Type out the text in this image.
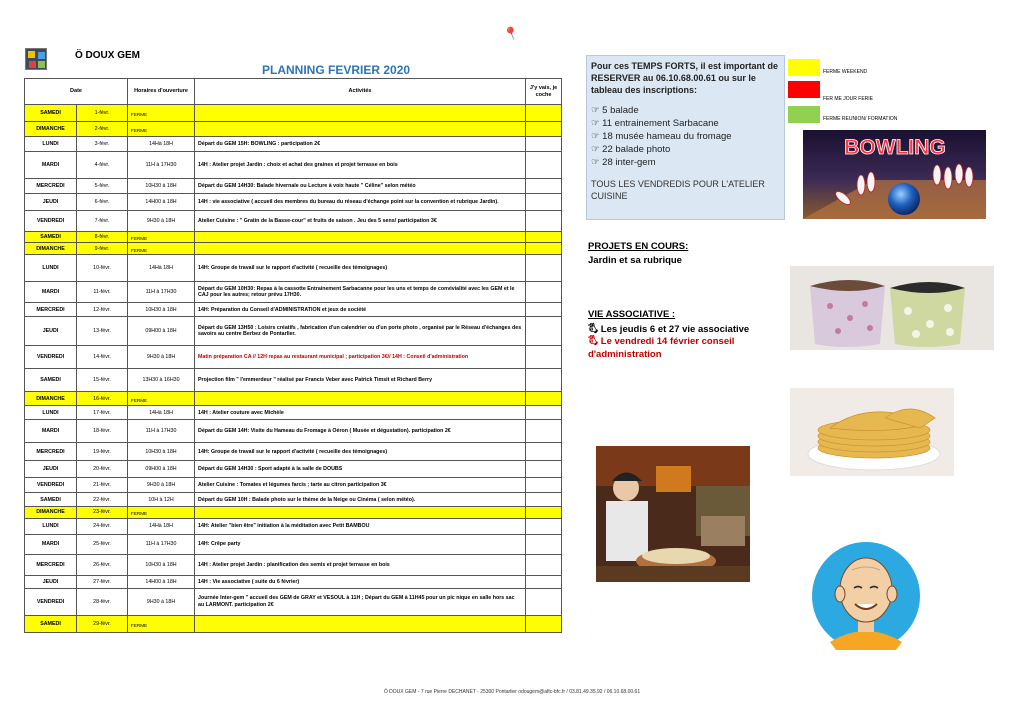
Ö DOUX GEM
📍
PLANNING FEVRIER 2020
Date		Horaires d'ouverture	Activités	J'y vais, je coche
SAMEDI	1-févr.	FERME		

DIMANCHE	2-févr.	FERME		

LUNDI	3-févr.	14Hà 18H	Départ du GEM 15H: BOWLING : participation 2€	
MARDI	4-févr.	11H à 17H30	14H : Atelier projet Jardin : choix et achat des graines et projet terrasse en bois	
MERCREDI	5-févr.	10H30 à 18H	Départ du GEM 14H30: Balade hivernale ou Lecture à voix haute " Céline" selon météo	
JEUDI	6-févr.	14H00 à 18H	14H : vie associative ( accueil des membres du bureau du réseau d'échange point sur la convention et rubrique Jardin).	
VENDREDI	7-févr.	9H30 à 18H	Atelier Cuisine : " Gratin de la Basse-cour" et fruits de saison . Jeu des 5 sens/ participation 3€	
SAMEDI	8-févr.	FERME		

DIMANCHE	9-févr.	FERME		

LUNDI	10-févr.	14Hà 18H	14H: Groupe de travail sur le rapport d'activité ( recueille des témoignages)	
MARDI	11-févr.	11H à 17H30	Départ du GEM 10H30: Repas à la cassotte Entrainement Sarbacanne pour les uns et temps de convivialité avec les GEM et le CAJ pour les autres; retour prévu 17H30.	
MERCREDI	12-févr.	10H30 à 18H	14H: Préparation du Conseil d'ADMINISTRATION et jeux de société	
JEUDI	13-févr.	09H00 à 18H	Départ du GEM 13H50 : Loisirs créatifs , fabrication d'un calendrier ou d'un porte photo , organisé par le Réseau d'échanges des savoirs au centre Berbez de Pontarlier.	
VENDREDI	14-févr.	9H30 à 18H	Matin préparation CA // 12H repas au restaurant municipal ; participation 3€// 14H : Conseil d'administration	
SAMEDI	15-févr.	13H30 à 16H30	Projection film " l'emmerdeur " réalisé par Francis Veber avec Patrick Timsit et Richard Berry	
DIMANCHE	16-févr.	FERME		

LUNDI	17-févr.	14Hà 18H	14H : Atelier couture avec Michèle	
MARDI	18-févr.	11H à 17H30	Départ du GEM 14H: Visite du Hameau du Fromage à Oéron ( Musée et dégustation). participation 2€	
MERCREDI	19-févr.	10H30 à 18H	14H: Groupe de travail sur le rapport d'activité ( recueille des témoignages)	
JEUDI	20-févr.	09H00 à 18H	Départ du GEM 14H30 : Sport adapté à la salle de DOUBS	
VENDREDI	21-févr.	9H30 à 18H	Atelier Cuisine : Tomates et légumes farcis ; tarte au citron participation 3€	
SAMEDI	22-févr.	10H à 12H	Départ du GEM 10H : Balade photo sur le thème de la Neige ou Cinéma ( selon météo).	
DIMANCHE	23-févr.	FERME		

LUNDI	24-févr.	14Hà 18H	14H: Atelier "bien être" initiation à la méditation avec Petit BAMBOU	
MARDI	25-févr.	11H à 17H30	14H: Crêpe party	
MERCREDI	26-févr.	10H30 à 18H	14H : Atelier projet Jardin : planification des semis et projet terrasse en bois	
JEUDI	27-févr.	14H00 à 18H	14H : Vie associative ( suite du 6 février)	
VENDREDI	28-févr.	9H30 à 18H	Journée Inter-gem " accueil des GEM de GRAY et VESOUL à 11H ; Départ du GEM à 11H45 pour un pic nique en salle hors sac au LARMONT. participation 2€	
SAMEDI	29-févr.	FERME		

Pour ces TEMPS FORTS, il est important de RESERVER au 06.10.68.00.61 ou sur le tableau des inscriptions:

☞ 5 balade
☞ 11 entrainement Sarbacane
☞ 18 musée hameau du fromage
☞ 22 balade photo
☞ 28 inter-gem
TOUS LES VENDREDIS POUR L'ATELIER CUISINE
FERME WEEKEND
FER ME JOUR FERIE
FERME REUNION/ FORMATION
BOWLING
PROJETS EN COURS:
Jardin et sa rubrique
VIE ASSOCIATIVE :
🖏 Les jeudis 6 et 27 vie associative
🖏 Le vendredi 14 février conseil d'administration
Ö DOUX GEM - 7 rue Pierre DECHANET - 25300 Pontarlier odougem@aftc-bfc.fr / 03.81.49.35.92 / 06.10.68.00.61
